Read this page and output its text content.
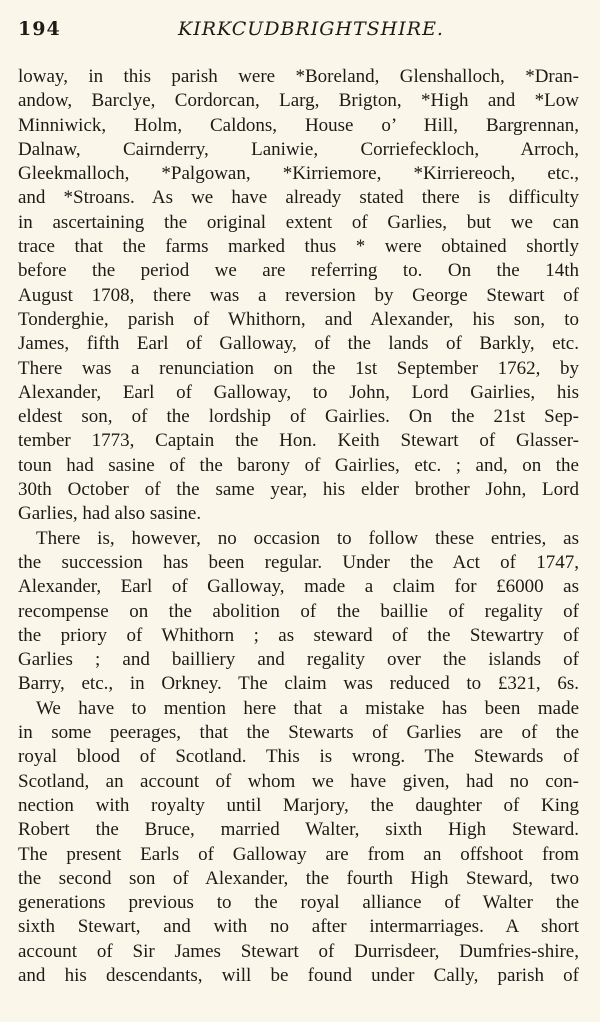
194	KIRKCUDBRIGHTSHIRE.
loway, in this parish were *Boreland, Glenshalloch, *Dran-
andow, Barclye, Cordorcan, Larg, Brigton, *High and *Low
Minniwick, Holm, Caldons, House o’ Hill, Bargrennan,
Dalnaw, Cairnderry, Laniwie, Corriefeckloch, Arroch,
Gleekmalloch, *Palgowan, *Kirriemore, *Kirriereoch, etc.,
and *Stroans. As we have already stated there is difficulty
in ascertaining the original extent of Garlies, but we can
trace that the farms marked thus * were obtained shortly
before the period we are referring to. On the 14th
August 1708, there was a reversion by George Stewart of
Tonderghie, parish of Whithorn, and Alexander, his son, to
James, fifth Earl of Galloway, of the lands of Barkly, etc.
There was a renunciation on the 1st September 1762, by
Alexander, Earl of Galloway, to John, Lord Gairlies, his
eldest son, of the lordship of Gairlies. On the 21st Sep-
tember 1773, Captain the Hon. Keith Stewart of Glasser-
toun had sasine of the barony of Gairlies, etc. ; and, on the
30th October of the same year, his elder brother John, Lord
Garlies, had also sasine.
There is, however, no occasion to follow these entries, as
the succession has been regular. Under the Act of 1747,
Alexander, Earl of Galloway, made a claim for £6000 as
recompense on the abolition of the baillie of regality of
the priory of Whithorn ; as steward of the Stewartry of
Garlies ; and bailliery and regality over the islands of
Barry, etc., in Orkney. The claim was reduced to £321, 6s.
We have to mention here that a mistake has been made
in some peerages, that the Stewarts of Garlies are of the
royal blood of Scotland. This is wrong. The Stewards of
Scotland, an account of whom we have given, had no con-
nection with royalty until Marjory, the daughter of King
Robert the Bruce, married Walter, sixth High Steward.
The present Earls of Galloway are from an offshoot from
the second son of Alexander, the fourth High Steward, two
generations previous to the royal alliance of Walter the
sixth Stewart, and with no after intermarriages. A short
account of Sir James Stewart of Durrisdeer, Dumfries-shire,
and his descendants, will be found under Cally, parish of
